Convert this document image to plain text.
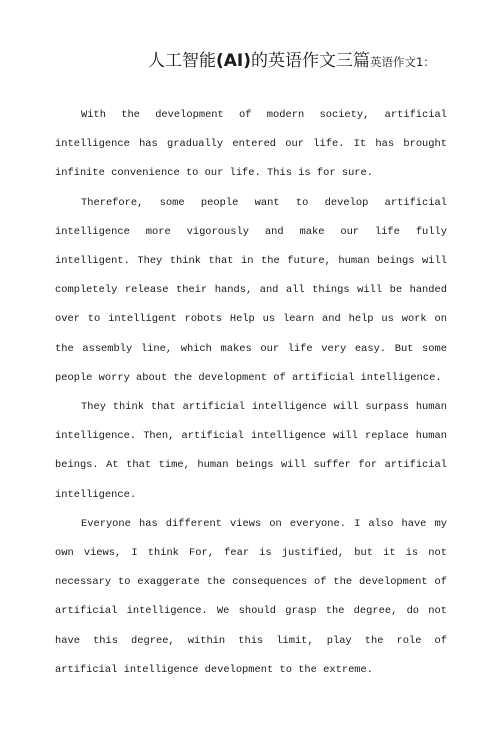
人工智能(AI)的英语作文三篇英语作文1：

With the development of modern society, artificial intelligence has gradually entered our life. It has brought infinite convenience to our life. This is for sure.

Therefore, some people want to develop artificial intelligence more vigorously and make our life fully intelligent. They think that in the future, human beings will completely release their hands, and all things will be handed over to intelligent robots Help us learn and help us work on the assembly line, which makes our life very easy. But some people worry about the development of artificial intelligence.

They think that artificial intelligence will surpass human intelligence. Then, artificial intelligence will replace human beings. At that time, human beings will suffer for artificial intelligence.

Everyone has different views on everyone. I also have my own views, I think For, fear is justified, but it is not necessary to exaggerate the consequences of the development of artificial intelligence. We should grasp the degree, do not have this degree, within this limit, play the role of artificial intelligence development to the extreme.
